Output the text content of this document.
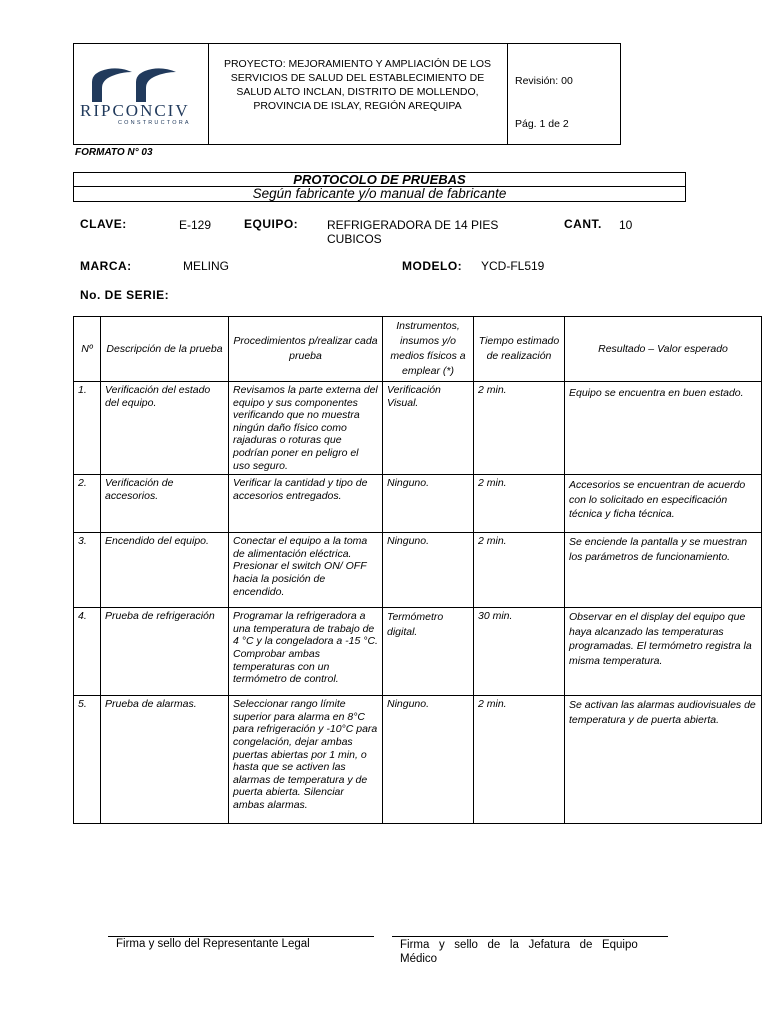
RIPCONCIV
CONSTRUCTORA
PROYECTO: MEJORAMIENTO Y AMPLIACIÓN DE LOS
SERVICIOS DE SALUD DEL ESTABLECIMIENTO DE
SALUD ALTO INCLAN, DISTRITO DE MOLLENDO,
PROVINCIA DE ISLAY, REGIÓN AREQUIPA
Revisión: 00
Pág. 1 de 2
FORMATO N° 03
PROTOCOLO DE PRUEBAS
Según fabricante y/o manual de fabricante
CLAVE:	E-129	EQUIPO: REFRIGERADORA DE 14 PIES
CUBICOS
CANT. 10
MARCA:	MELING	MODELO: YCD-FL519
No. DE SERIE:
Nº	Descripción de la prueba	Procedimientos p/realizar cada prueba	Instrumentos, insumos y/o medios físicos a emplear (*)	Tiempo estimado de realización	Resultado – Valor esperado
1.	Verificación del estado del equipo.	Revisamos la parte externa del equipo y sus componentes verificando que no muestra ningún daño físico como rajaduras o roturas que podrían poner en peligro el uso seguro.	Verificación Visual.	2 min.	Equipo se encuentra en buen estado.
2.	Verificación de accesorios.	Verificar la cantidad y tipo de accesorios entregados.	Ninguno.	2 min.	Accesorios se encuentran de acuerdo con lo solicitado en especificación técnica y ficha técnica.
3.	Encendido del equipo.	Conectar el equipo a la toma de alimentación eléctrica. Presionar el switch ON/ OFF hacia la posición de encendido.	Ninguno.	2 min.	Se enciende la pantalla y se muestran los parámetros de funcionamiento.
4.	Prueba de refrigeración	Programar la refrigeradora a una temperatura de trabajo de 4 °C y la congeladora a -15 °C. Comprobar ambas temperaturas con un termómetro de control.	Termómetro digital.	30 min.	Observar en el display del equipo que haya alcanzado las temperaturas programadas. El termómetro registra la misma temperatura.
5.	Prueba de alarmas.	Seleccionar rango límite superior para alarma en 8°C para refrigeración y -10°C para congelación, dejar ambas puertas abiertas por 1 min, o hasta que se activen las alarmas de temperatura y de puerta abierta. Silenciar ambas alarmas.	Ninguno.	2 min.	Se activan las alarmas audiovisuales de temperatura y de puerta abierta.
Firma y sello del Representante Legal	Firma   y   sello   de   la   Jefatura   de   Equipo
Médico
